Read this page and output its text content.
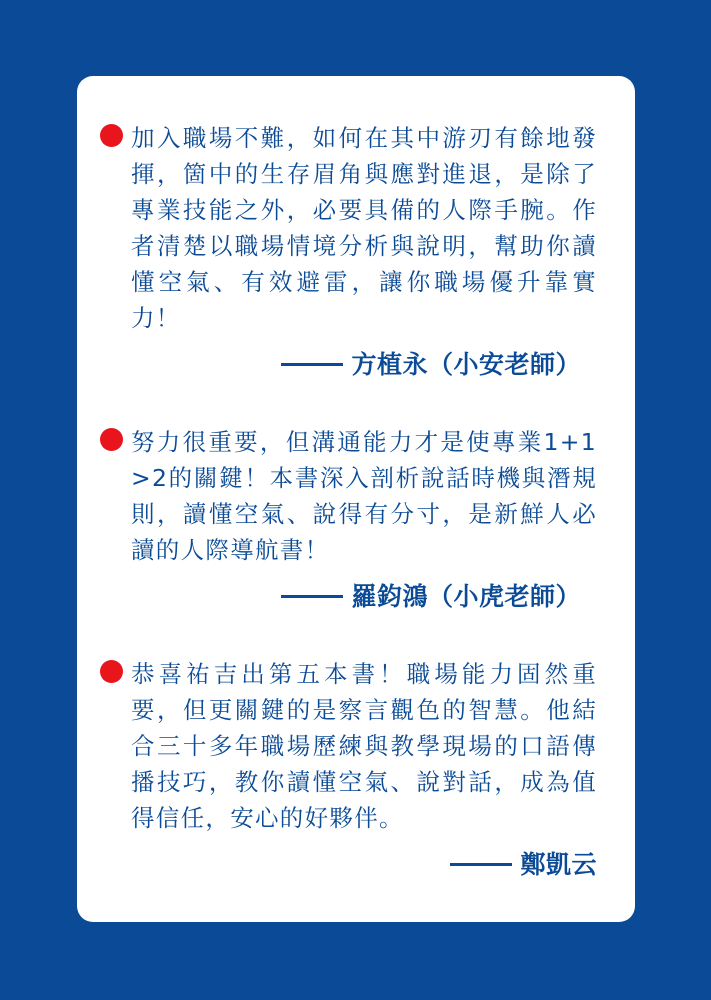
加入職場不難，如何在其中游刃有餘地發揮，箇中的生存眉角與應對進退，是除了專業技能之外，必要具備的人際手腕。作者清楚以職場情境分析與說明，幫助你讀懂空氣、有效避雷，讓你職場優升靠實力！

方植永（小安老師）

努力很重要，但溝通能力才是使專業1+1>2的關鍵！本書深入剖析說話時機與潛規則，讀懂空氣、說得有分寸，是新鮮人必讀的人際導航書！

羅鈞鴻（小虎老師）

恭喜祐吉出第五本書！職場能力固然重要，但更關鍵的是察言觀色的智慧。他結合三十多年職場歷練與教學現場的口語傳播技巧，教你讀懂空氣、說對話，成為值得信任，安心的好夥伴。

鄭凱云
